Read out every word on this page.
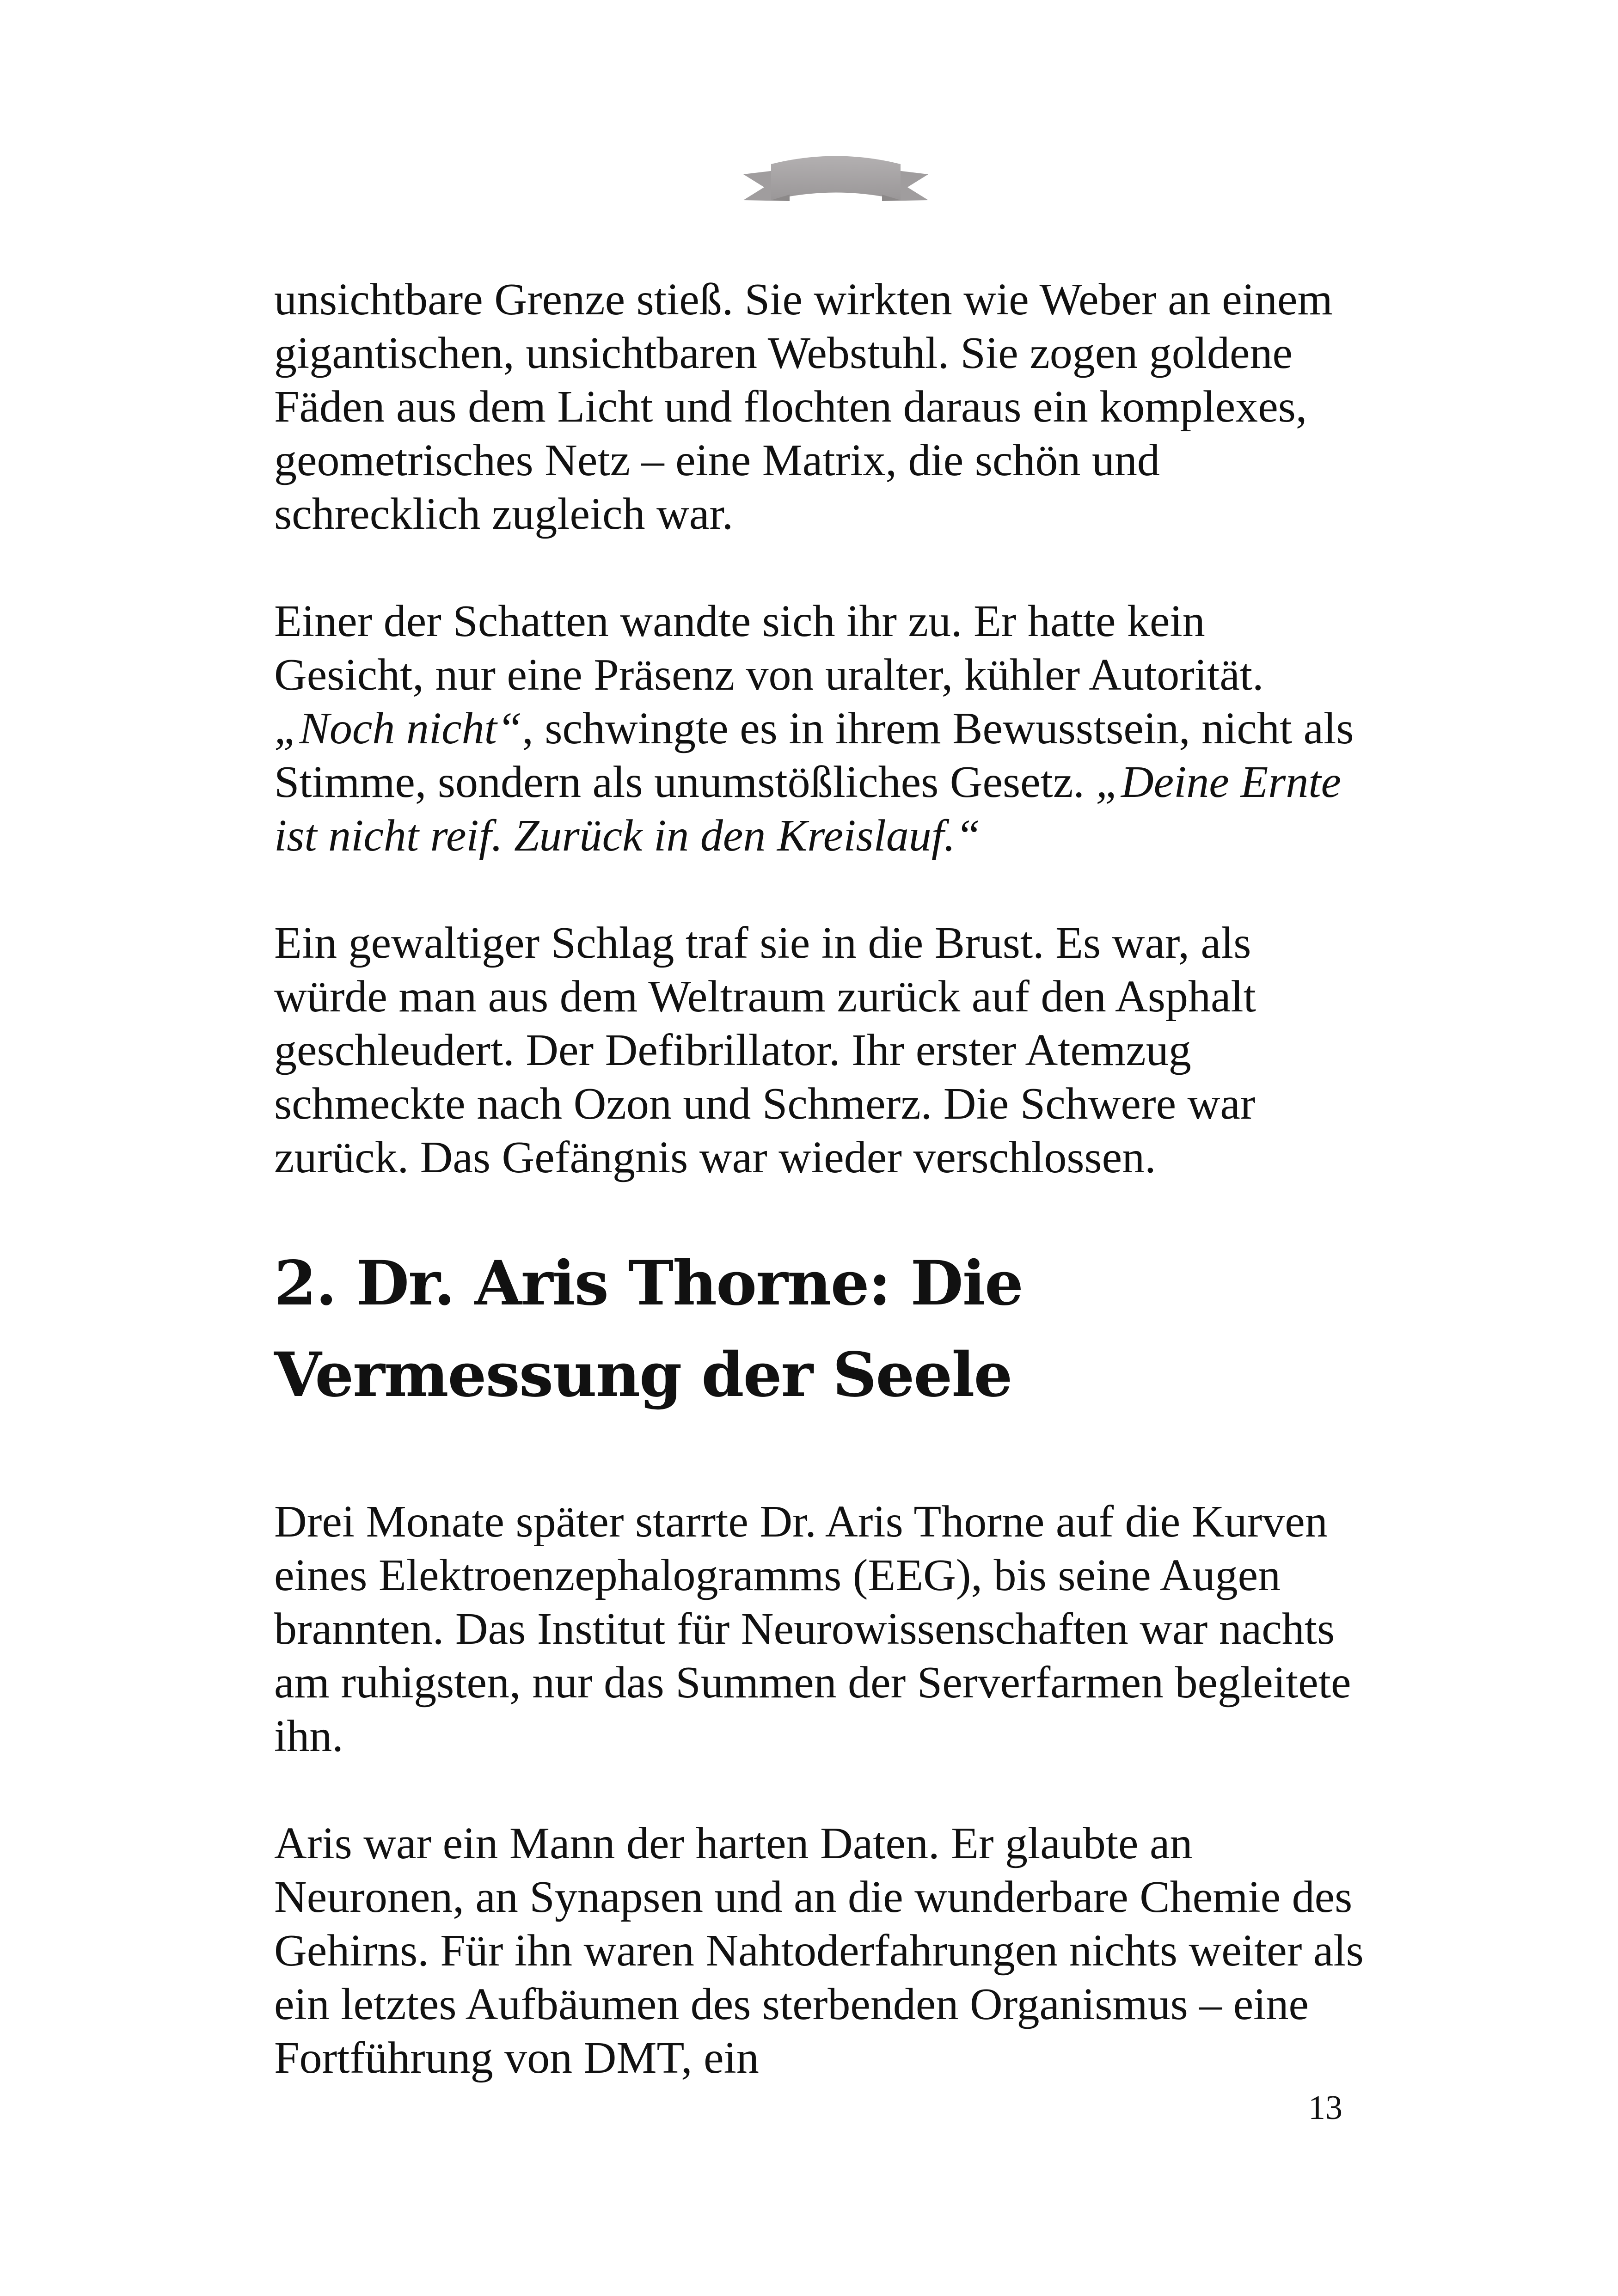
unsichtbare Grenze stieß. Sie wirkten wie Weber an einem gigantischen, unsichtbaren Webstuhl. Sie zogen goldene Fäden aus dem Licht und flochten daraus ein komplexes, geometrisches Netz – eine Matrix, die schön und schrecklich zugleich war.

Einer der Schatten wandte sich ihr zu. Er hatte kein Gesicht, nur eine Präsenz von uralter, kühler Autorität. „Noch nicht“, schwingte es in ihrem Bewusstsein, nicht als Stimme, sondern als unumstößliches Gesetz. „Deine Ernte ist nicht reif. Zurück in den Kreislauf.“

Ein gewaltiger Schlag traf sie in die Brust. Es war, als würde man aus dem Weltraum zurück auf den Asphalt geschleudert. Der Defibrillator. Ihr erster Atemzug schmeckte nach Ozon und Schmerz. Die Schwere war zurück. Das Gefängnis war wieder verschlossen.

2. Dr. Aris Thorne: Die
Vermessung der Seele

Drei Monate später starrte Dr. Aris Thorne auf die Kurven eines Elektroenzephalogramms (EEG), bis seine Augen brannten. Das Institut für Neurowissenschaften war nachts am ruhigsten, nur das Summen der Serverfarmen begleitete ihn.

Aris war ein Mann der harten Daten. Er glaubte an Neuronen, an Synapsen und an die wunderbare Chemie des Gehirns. Für ihn waren Nahtoderfahrungen nichts weiter als ein letztes Aufbäumen des sterbenden Organismus – eine Fortführung von DMT, ein

13
